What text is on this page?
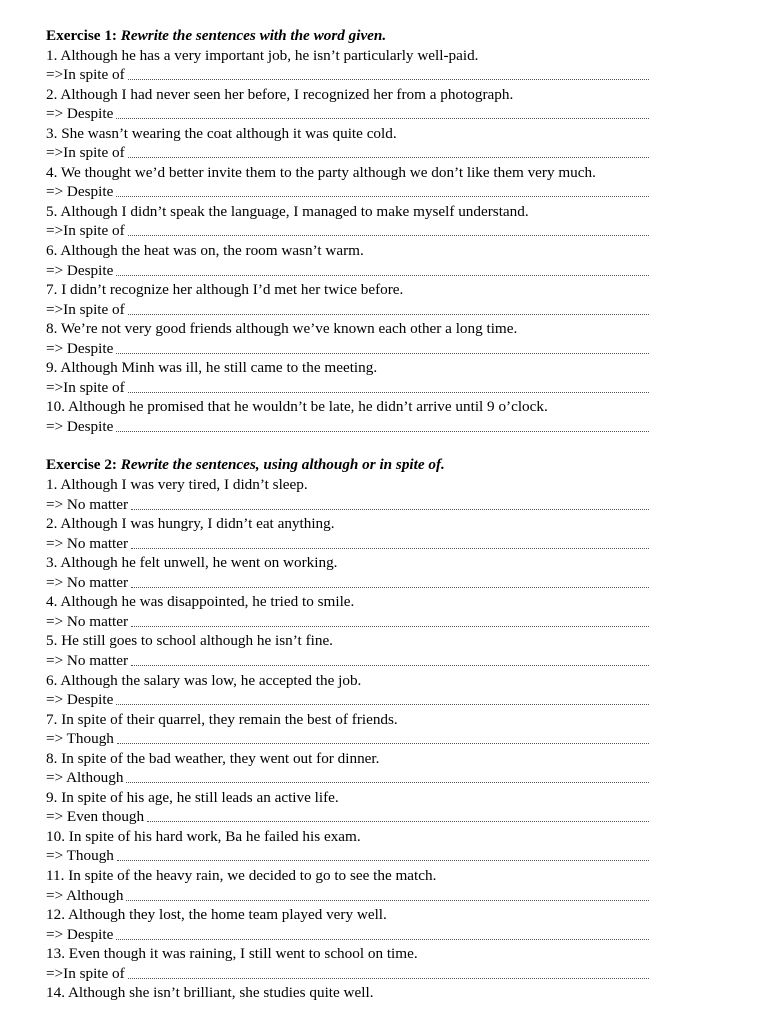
Exercise 1: Rewrite the sentences with the word given.
1. Although he has a very important job, he isn’t particularly well-paid.
=>In spite of
2. Although I had never seen her before, I recognized her from a photograph.
=> Despite
3. She wasn’t wearing the coat although it was quite cold.
=>In spite of
4. We thought we’d better invite them to the party although we don’t like them very much.
=> Despite
5. Although I didn’t speak the language, I managed to make myself understand.
=>In spite of
6. Although the heat was on, the room wasn’t warm.
=> Despite
7. I didn’t recognize her although I’d met her twice before.
=>In spite of
8. We’re not very good friends although we’ve known each other a long time.
=> Despite
9. Although Minh was ill, he still came to the meeting.
=>In spite of
10. Although he promised that he wouldn’t be late, he didn’t arrive until 9 o’clock.
=> Despite
Exercise 2: Rewrite the sentences, using although or in spite of.
1. Although I was very tired, I didn’t sleep.
=> No matter
2. Although I was hungry, I didn’t eat anything.
=> No matter
3. Although he felt unwell, he went on working.
=> No matter
4. Although he was disappointed, he tried to smile.
=> No matter
5. He still goes to school although he isn’t fine.
=> No matter
6. Although the salary was low, he accepted the job.
=> Despite
7. In spite of their quarrel, they remain the best of friends.
=> Though
8. In spite of the bad weather, they went out for dinner.
=> Although
9. In spite of his age, he still leads an active life.
=> Even though
10. In spite of his hard work, Ba he failed his exam.
=> Though
11. In spite of the heavy rain, we decided to go to see the match.
=> Although
12. Although they lost, the home team played very well.
=> Despite
13. Even though it was raining, I still went to school on time.
=>In spite of
14. Although she isn’t brilliant, she studies quite well.
